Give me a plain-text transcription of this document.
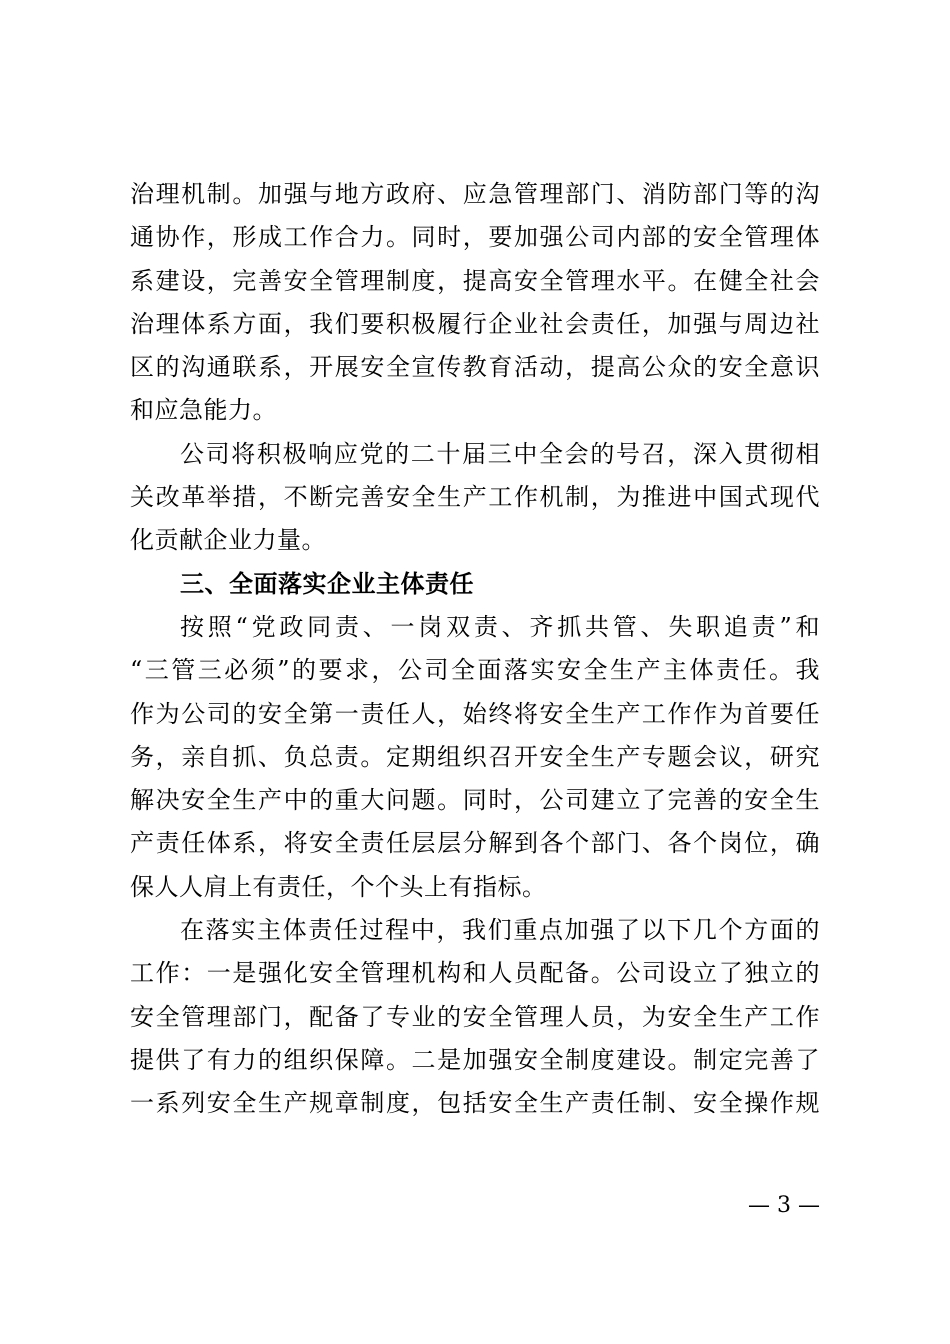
治理机制。加强与地方政府、应急管理部门、消防部门等的沟
通协作，形成工作合力。同时，要加强公司内部的安全管理体
系建设，完善安全管理制度，提高安全管理水平。在健全社会
治理体系方面，我们要积极履行企业社会责任，加强与周边社
区的沟通联系，开展安全宣传教育活动，提高公众的安全意识
和应急能力。
公司将积极响应党的二十届三中全会的号召，深入贯彻相
关改革举措，不断完善安全生产工作机制，为推进中国式现代
化贡献企业力量。
三、全面落实企业主体责任
按照“党政同责、一岗双责、齐抓共管、失职追责”和
“三管三必须”的要求，公司全面落实安全生产主体责任。我
作为公司的安全第一责任人，始终将安全生产工作作为首要任
务，亲自抓、负总责。定期组织召开安全生产专题会议，研究
解决安全生产中的重大问题。同时，公司建立了完善的安全生
产责任体系，将安全责任层层分解到各个部门、各个岗位，确
保人人肩上有责任，个个头上有指标。
在落实主体责任过程中，我们重点加强了以下几个方面的
工作：一是强化安全管理机构和人员配备。公司设立了独立的
安全管理部门，配备了专业的安全管理人员，为安全生产工作
提供了有力的组织保障。二是加强安全制度建设。制定完善了
一系列安全生产规章制度，包括安全生产责任制、安全操作规
— 3 —
